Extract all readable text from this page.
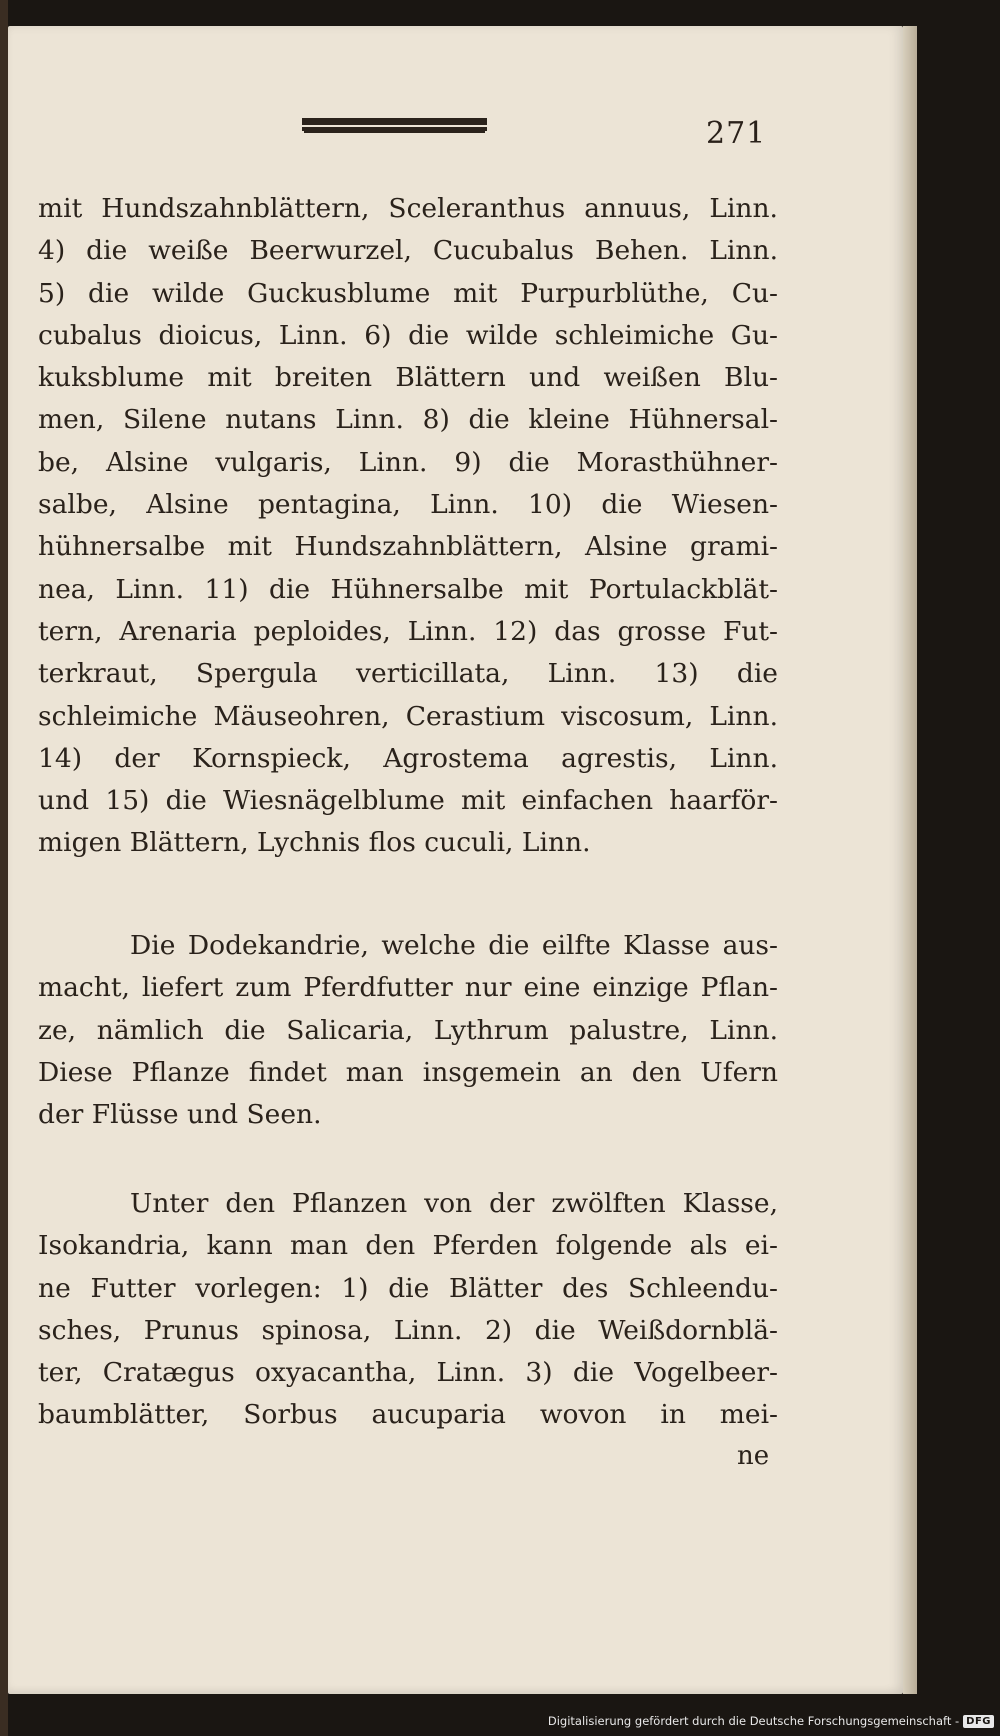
271
mit Hundszahnblättern, Sceleranthus annuus, Linn.
4) die weiße Beerwurzel, Cucubalus Behen. Linn.
5) die wilde Guckusblume mit Purpurblüthe, Cu-
cubalus dioicus, Linn. 6) die wilde schleimiche Gu-
kuksblume mit breiten Blättern und weißen Blu-
men, Silene nutans Linn. 8) die kleine Hühnersal-
be, Alsine vulgaris, Linn. 9) die Morasthühner-
salbe, Alsine pentagina, Linn. 10) die Wiesen-
hühnersalbe mit Hundszahnblättern, Alsine grami-
nea, Linn. 11) die Hühnersalbe mit Portulackblät-
tern, Arenaria peploides, Linn. 12) das grosse Fut-
terkraut, Spergula verticillata, Linn. 13) die
schleimiche Mäuseohren, Cerastium viscosum, Linn.
14) der Kornspieck, Agrostema agrestis, Linn.
und 15) die Wiesnägelblume mit einfachen haarför-
migen Blättern, Lychnis flos cuculi, Linn.
Die Dodekandrie, welche die eilfte Klasse aus-
macht, liefert zum Pferdfutter nur eine einzige Pflan-
ze, nämlich die Salicaria, Lythrum palustre, Linn.
Diese Pflanze findet man insgemein an den Ufern
der Flüsse und Seen.
Unter den Pflanzen von der zwölften Klasse,
Isokandria, kann man den Pferden folgende als ei-
ne Futter vorlegen: 1) die Blätter des Schleendu-
sches, Prunus spinosa, Linn. 2) die Weißdornblä-
ter, Cratægus oxyacantha, Linn. 3) die Vogelbeer-
baumblätter, Sorbus aucuparia wovon in mei-
ne
Digitalisierung gefördert durch die Deutsche Forschungsgemeinschaft - DFG
